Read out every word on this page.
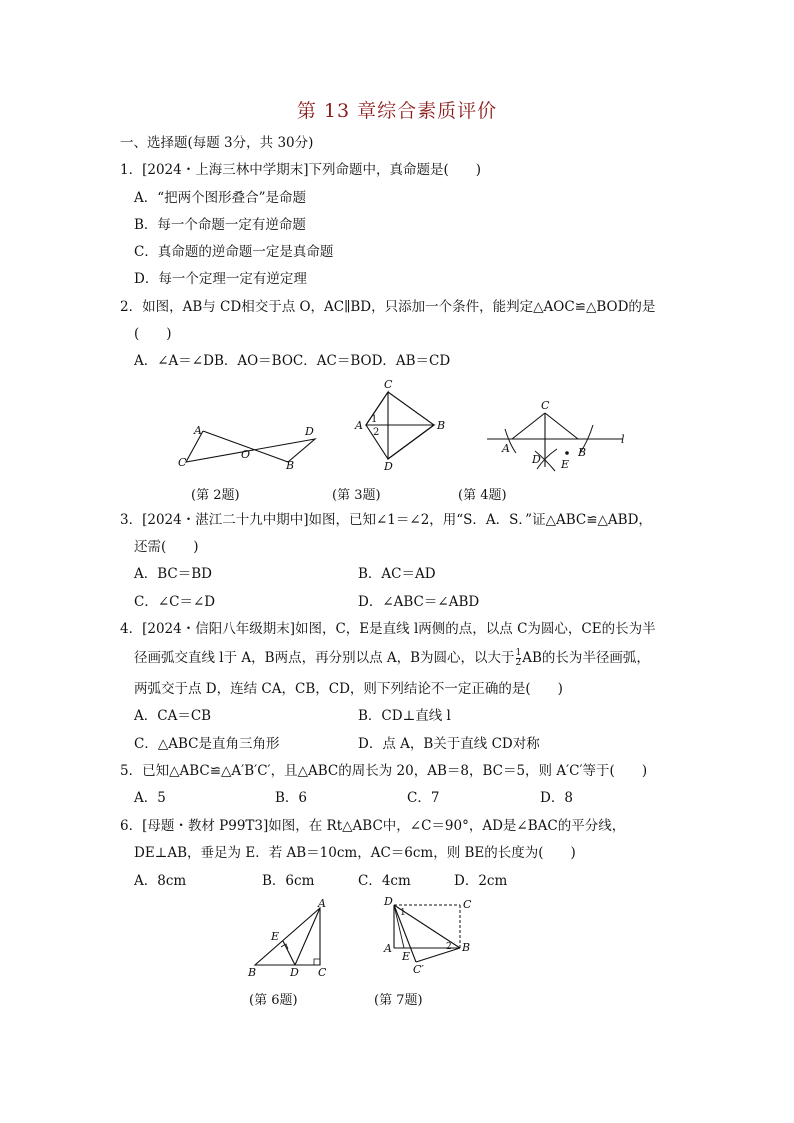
第 13 章综合素质评价
一、选择题(每题 3分，共 30分)
1．[2024・上海三林中学期末]下列命题中，真命题是(　　)
A．“把两个图形叠合”是命题
B．每一个命题一定有逆命题
C．真命题的逆命题一定是真命题
D．每一个定理一定有逆定理
2．如图，AB与 CD相交于点 O，AC∥BD，只添加一个条件，能判定△AOC≌△BOD的是
(　　)
A．∠A＝∠DB．AO＝BOC．AC＝BOD．AB＝CD
A
C
O
D
B
(第 2题)
C
A	B
D
1
2
(第 3题)
C
A	B
D E
l
(第 4题)
3．[2024・湛江二十九中期中]如图，已知∠1＝∠2，用“S．A．S．”证△ABC≌△ABD，
还需(　　)
A．BC＝BD	B．AC＝AD
C．∠C＝∠D	D．∠ABC＝∠ABD
4．[2024・信阳八年级期末]如图，C，E是直线 l两侧的点，以点 C为圆心，CE的长为半
径画弧交直线 l于 A，B两点，再分别以点 A，B为圆心，以大于 $\frac{1}{2}$ AB的长为半径画弧，
两弧交于点 D，连结 CA，CB，CD，则下列结论不一定正确的是(　　)
A．CA＝CB	B．CD⊥直线 l
C．△ABC是直角三角形	D．点 A，B关于直线 CD对称
5．已知△ABC≌△A′B′C′，且△ABC的周长为 20，AB＝8，BC＝5，则 A′C′等于(　　)
A．5	B．6	C．7	D．8
6．[母题・教材 P99T3]如图，在 Rt△ABC中，∠C＝90°，AD是∠BAC的平分线，
DE⊥AB，垂足为 E．若 AB＝10cm，AC＝6cm，则 BE的长度为(　　)
A．8cm	B．6cm	C．4cm	D．2cm
A
E
B	D C
(第 6题)
D	C
A
E
B
C′
1
2
(第 7题)
